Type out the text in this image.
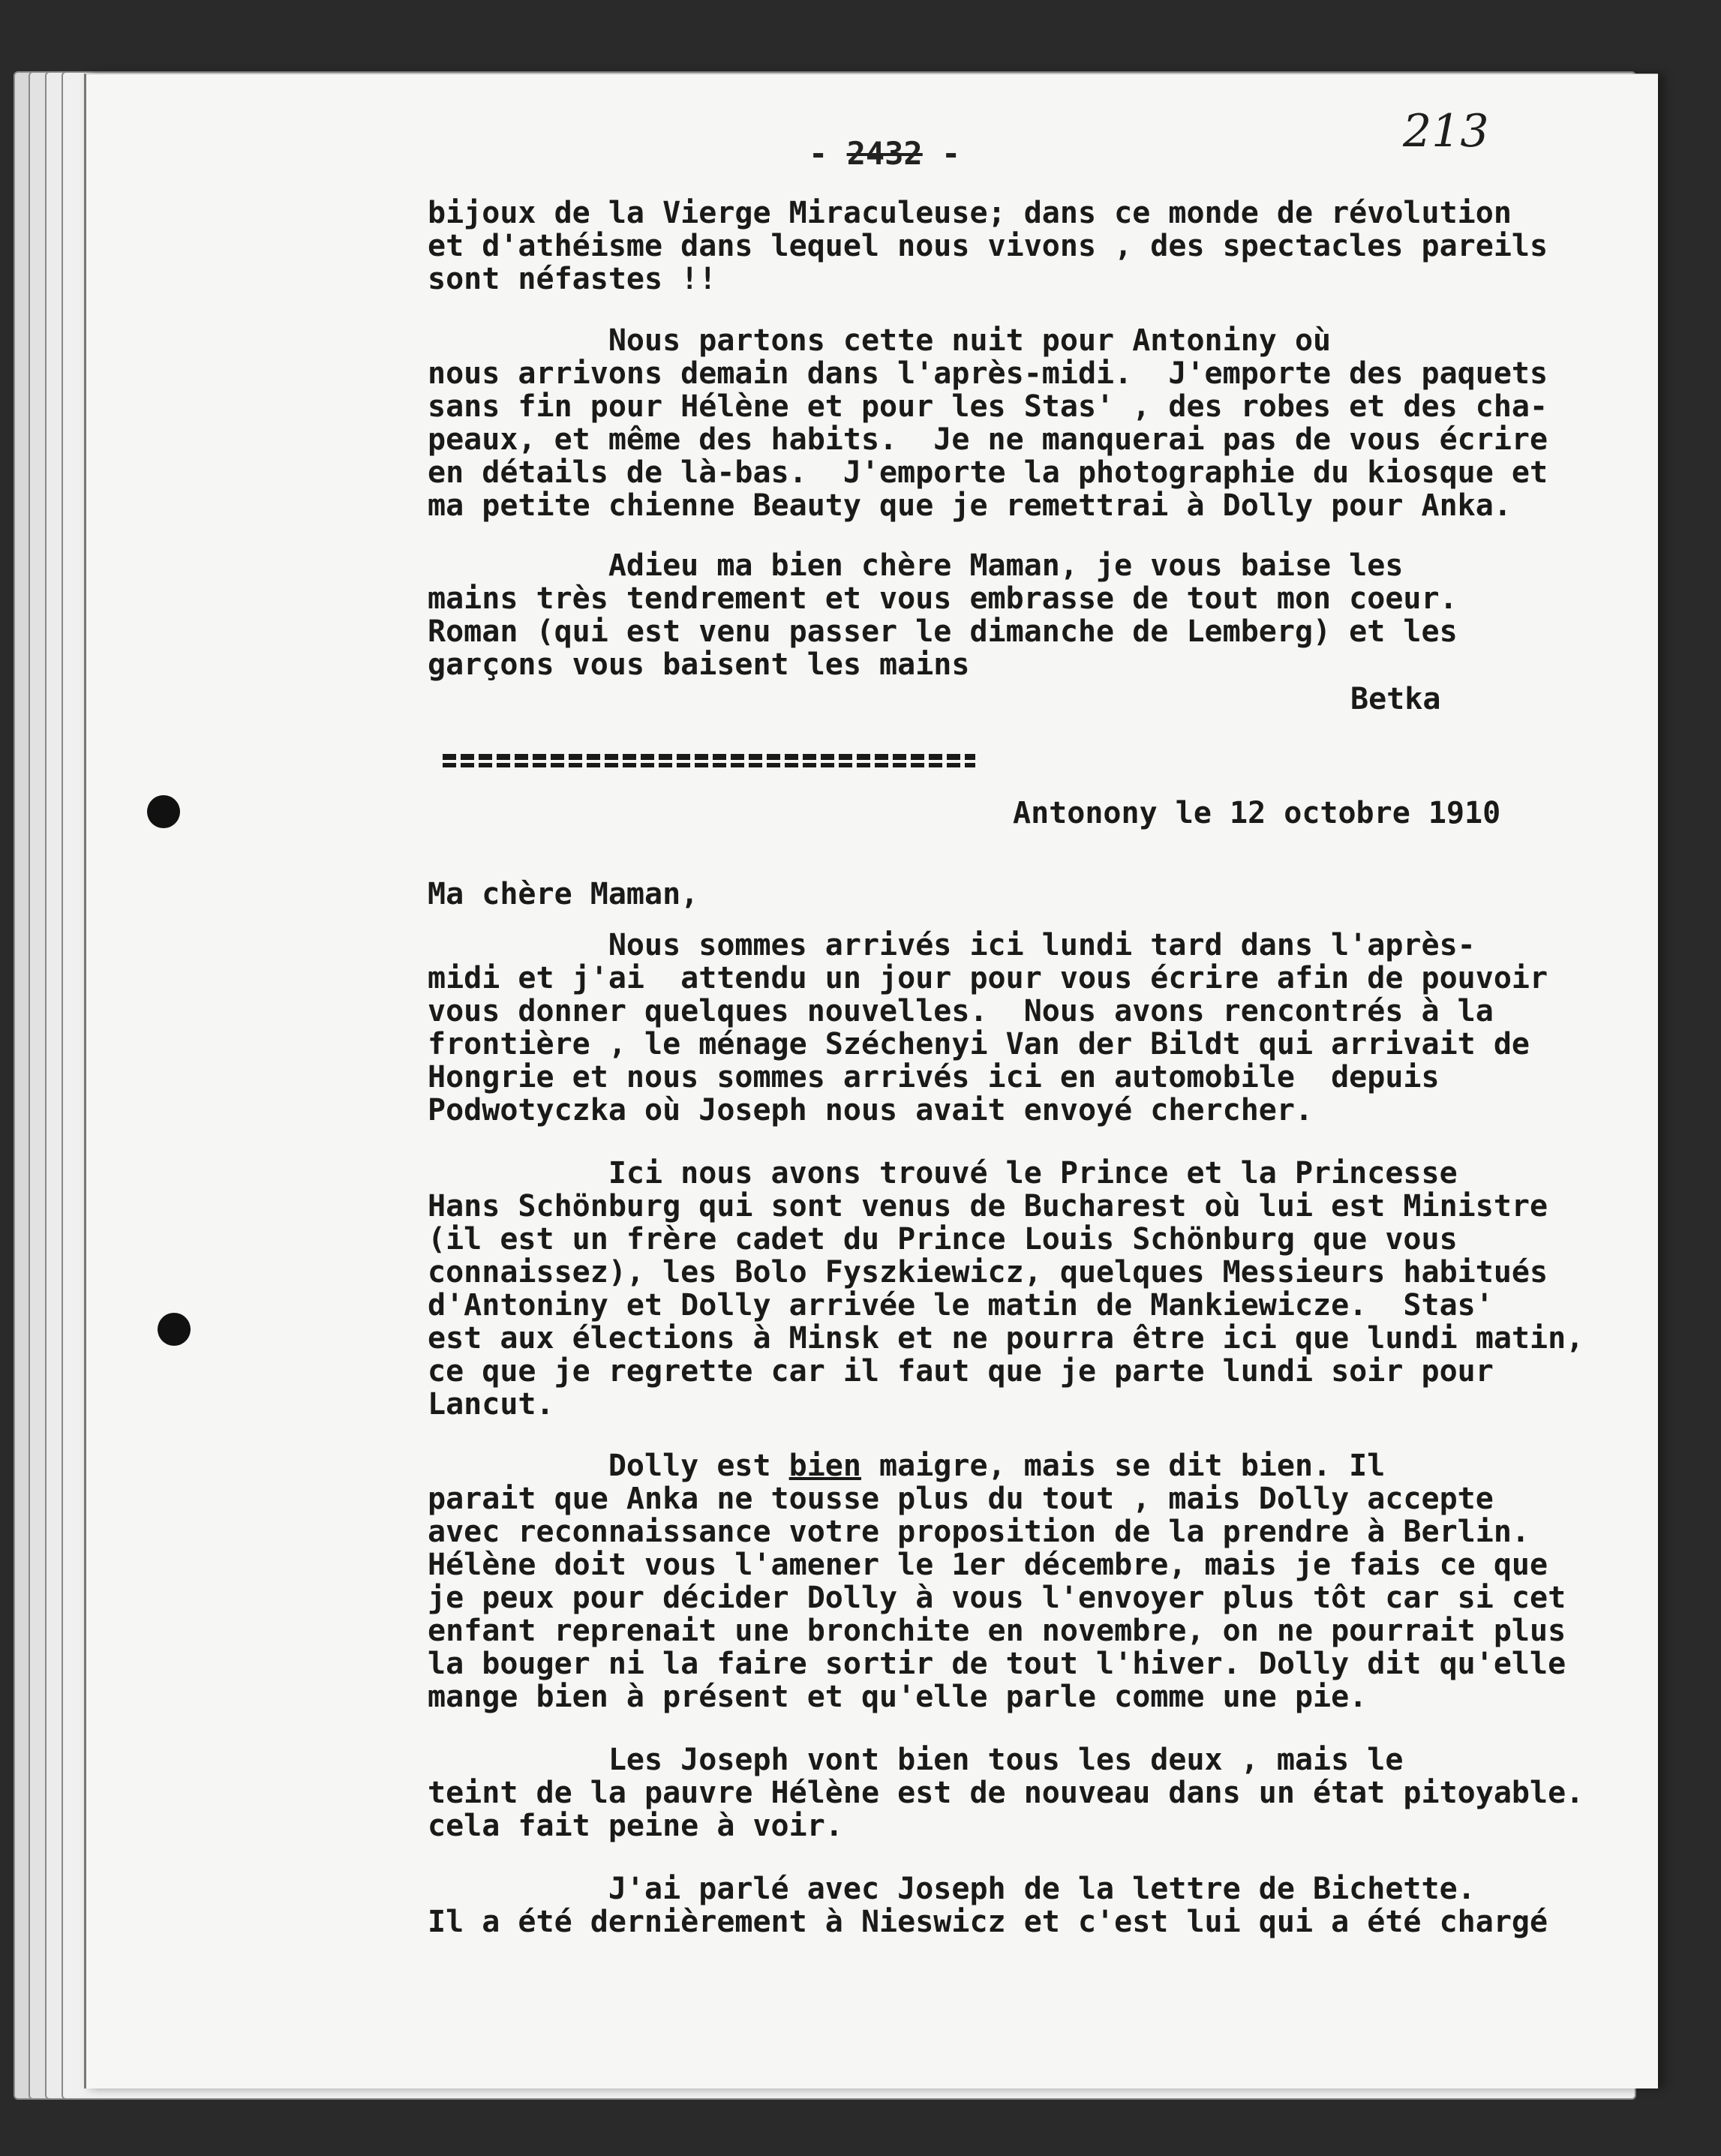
- 2432 -	213
bijoux de la Vierge Miraculeuse; dans ce monde de révolution
et d'athéisme dans lequel nous vivons , des spectacles pareils
sont néfastes !!
Nous partons cette nuit pour Antoniny où
nous arrivons demain dans l'après-midi.  J'emporte des paquets
sans fin pour Hélène et pour les Stas' , des robes et des cha-
peaux, et même des habits.  Je ne manquerai pas de vous écrire
en détails de là-bas.  J'emporte la photographie du kiosque et
ma petite chienne Beauty que je remettrai à Dolly pour Anka.
Adieu ma bien chère Maman, je vous baise les
mains très tendrement et vous embrasse de tout mon coeur.
Roman (qui est venu passer le dimanche de Lemberg) et les
garçons vous baisent les mains
Betka
Antonony le 12 octobre 1910
Ma chère Maman,
Nous sommes arrivés ici lundi tard dans l'après-
midi et j'ai  attendu un jour pour vous écrire afin de pouvoir
vous donner quelques nouvelles.  Nous avons rencontrés à la
frontière , le ménage Széchenyi Van der Bildt qui arrivait de
Hongrie et nous sommes arrivés ici en automobile  depuis
Podwotyczka où Joseph nous avait envoyé chercher.
Ici nous avons trouvé le Prince et la Princesse
Hans Schönburg qui sont venus de Bucharest où lui est Ministre
(il est un frère cadet du Prince Louis Schönburg que vous
connaissez), les Bolo Fyszkiewicz, quelques Messieurs habitués
d'Antoniny et Dolly arrivée le matin de Mankiewicze.  Stas'
est aux élections à Minsk et ne pourra être ici que lundi matin,
ce que je regrette car il faut que je parte lundi soir pour
Lancut.
Dolly est bien maigre, mais se dit bien. Il
parait que Anka ne tousse plus du tout , mais Dolly accepte
avec reconnaissance votre proposition de la prendre à Berlin.
Hélène doit vous l'amener le 1er décembre, mais je fais ce que
je peux pour décider Dolly à vous l'envoyer plus tôt car si cet
enfant reprenait une bronchite en novembre, on ne pourrait plus
la bouger ni la faire sortir de tout l'hiver. Dolly dit qu'elle
mange bien à présent et qu'elle parle comme une pie.
Les Joseph vont bien tous les deux , mais le
teint de la pauvre Hélène est de nouveau dans un état pitoyable.
cela fait peine à voir.
J'ai parlé avec Joseph de la lettre de Bichette.
Il a été dernièrement à Nieswicz et c'est lui qui a été chargé
